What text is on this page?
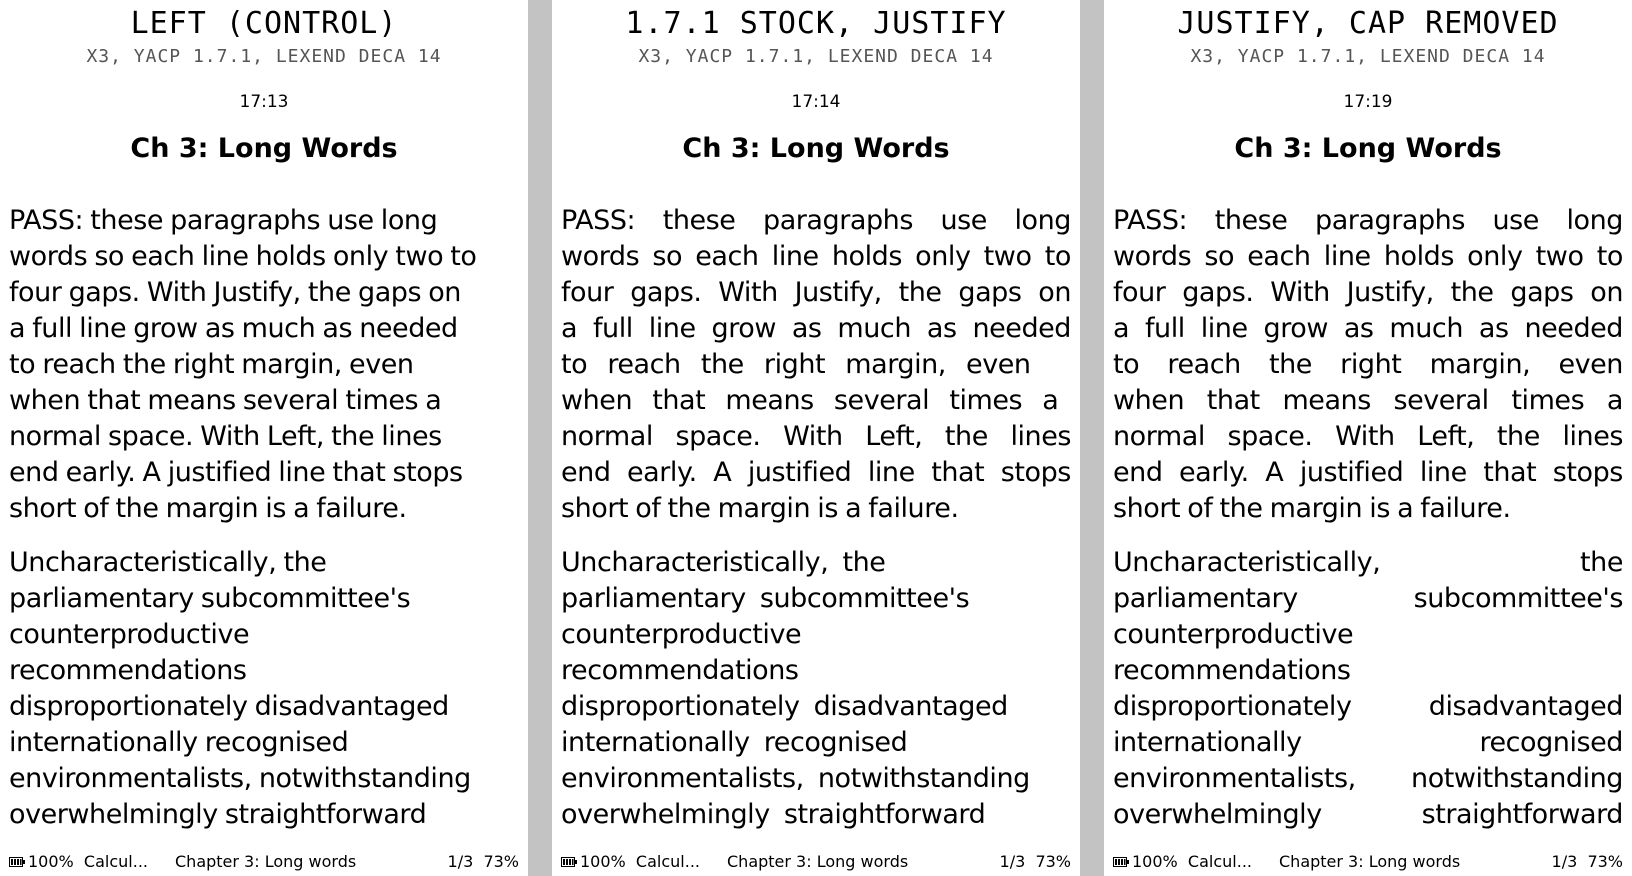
LEFT (CONTROL)
X3, YACP 1.7.1, LEXEND DECA 14
17:13
Ch 3: Long Words
PASS: these paragraphs use long
words so each line holds only two to
four gaps. With Justify, the gaps on
a full line grow as much as needed
to reach the right margin, even
when that means several times a
normal space. With Left, the lines
end early. A justified line that stops
short of the margin is a failure.
Uncharacteristically, the
parliamentary subcommittee's
counterproductive
recommendations
disproportionately disadvantaged
internationally recognised
environmentalists, notwithstanding
overwhelmingly straightforward
100% Calcul... Chapter 3: Long words	1/3 73%
1.7.1 STOCK, JUSTIFY
X3, YACP 1.7.1, LEXEND DECA 14
17:14
Ch 3: Long Words
PASS: these paragraphs use long
words so each line holds only two to
four gaps. With Justify, the gaps on
a full line grow as much as needed
to reach the right margin, even
when that means several times a
normal space. With Left, the lines
end early. A justified line that stops
short of the margin is a failure.
Uncharacteristically, the
parliamentary subcommittee's
counterproductive
recommendations
disproportionately disadvantaged
internationally recognised
environmentalists, notwithstanding
overwhelmingly straightforward
100% Calcul... Chapter 3: Long words	1/3 73%
JUSTIFY, CAP REMOVED
X3, YACP 1.7.1, LEXEND DECA 14
17:19
Ch 3: Long Words
PASS: these paragraphs use long
words so each line holds only two to
four gaps. With Justify, the gaps on
a full line grow as much as needed
to reach the right margin, even
when that means several times a
normal space. With Left, the lines
end early. A justified line that stops
short of the margin is a failure.
Uncharacteristically,	the
parliamentary	subcommittee's
counterproductive
recommendations
disproportionately	disadvantaged
internationally	recognised
environmentalists, notwithstanding
overwhelmingly	straightforward
100% Calcul... Chapter 3: Long words	1/3 73%
